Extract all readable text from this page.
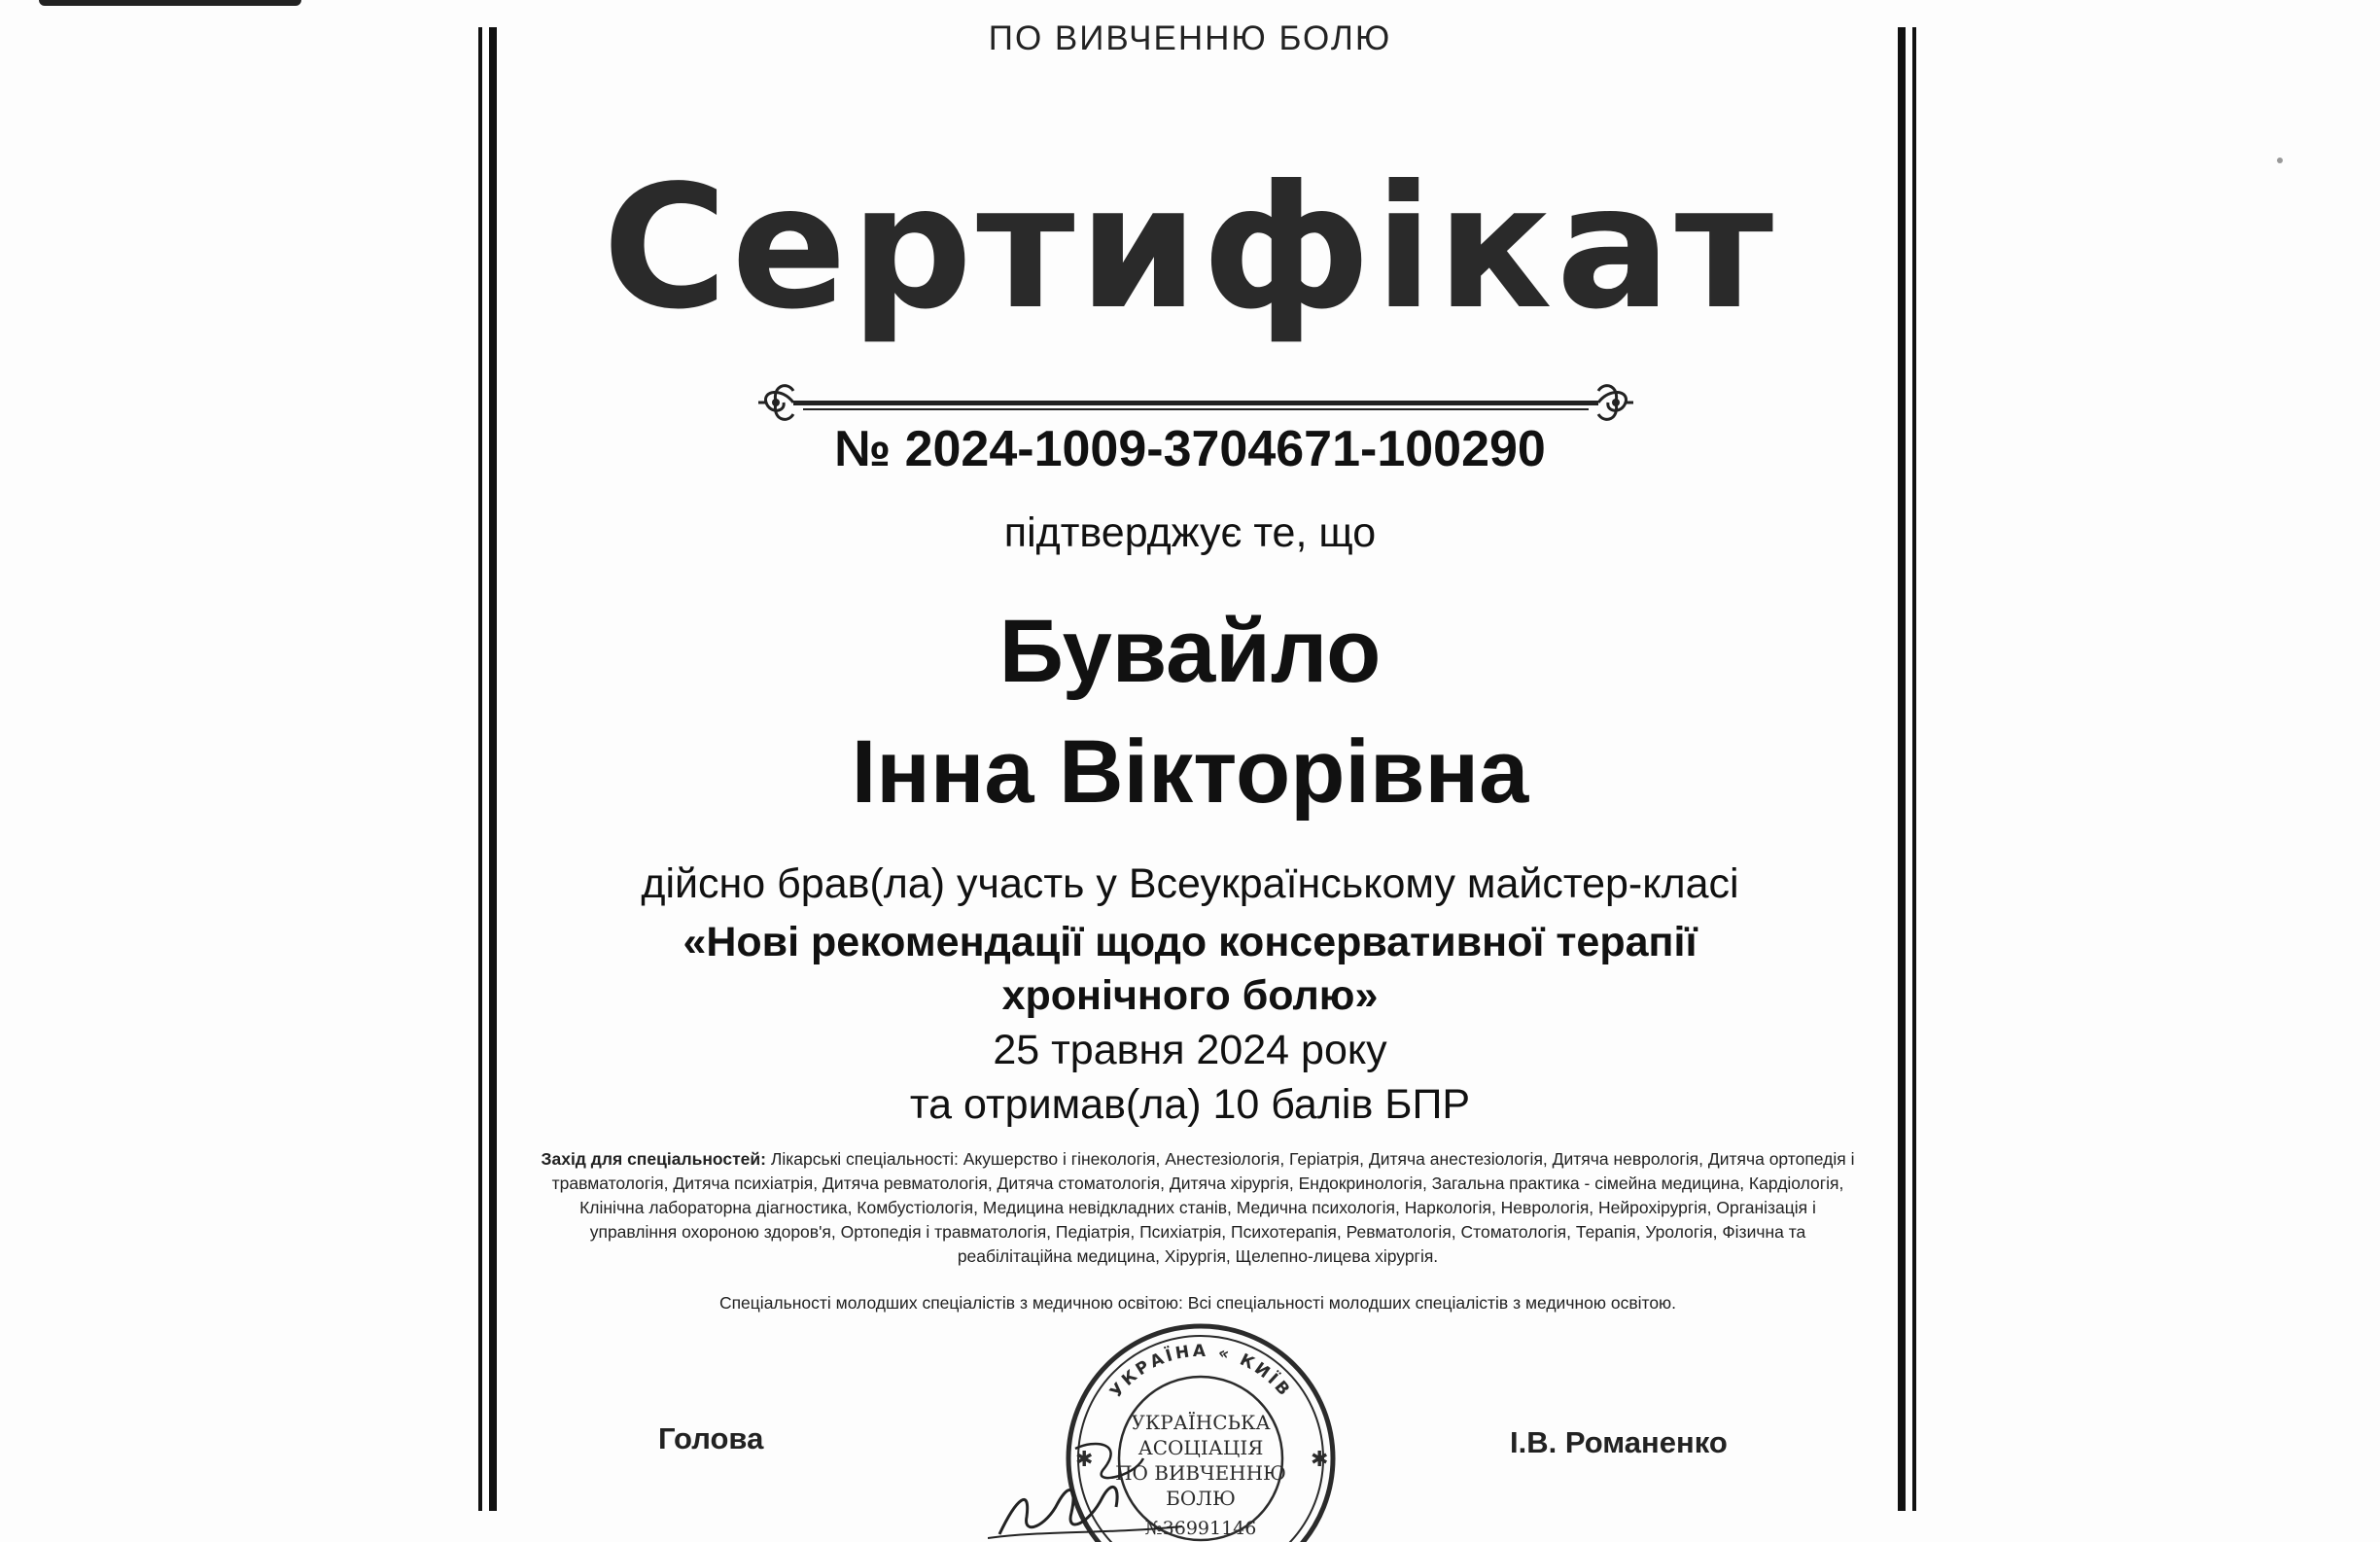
ПО ВИВЧЕННЮ БОЛЮ
Сертифікат
№ 2024-1009-3704671-100290
підтверджує те, що
Бувайло
Інна Вікторівна
дійсно брав(ла) участь у Всеукраїнському майстер-класі
«Нові рекомендації щодо консервативної терапії
хронічного болю»
25 травня 2024 року
та отримав(ла) 10 балів БПР
Захід для спеціальностей: Лікарські спеціальності: Акушерство і гінекологія, Анестезіологія, Геріатрія, Дитяча анестезіологія, Дитяча неврологія, Дитяча ортопедія і травматологія, Дитяча психіатрія, Дитяча ревматологія, Дитяча стоматологія, Дитяча хірургія, Ендокринологія, Загальна практика - сімейна медицина, Кардіологія, Клінічна лабораторна діагностика, Комбустіологія, Медицина невідкладних станів, Медична психологія, Наркологія, Неврологія, Нейрохірургія, Організація і управління охороною здоров'я, Ортопедія і травматологія, Педіатрія, Психіатрія, Психотерапія, Ревматологія, Стоматологія, Терапія, Урологія, Фізична та реабілітаційна медицина, Хірургія, Щелепно-лицева хірургія.
Спеціальності молодших спеціалістів з медичною освітою: Всі спеціальності молодших спеціалістів з медичною освітою.
УКРАЇНА « КИЇВ
✱	✱
УКРАЇНСЬКА
АСОЦІАЦІЯ
ПО ВИВЧЕННЮ
БОЛЮ
№36991146
Голова	І.В. Романенко
